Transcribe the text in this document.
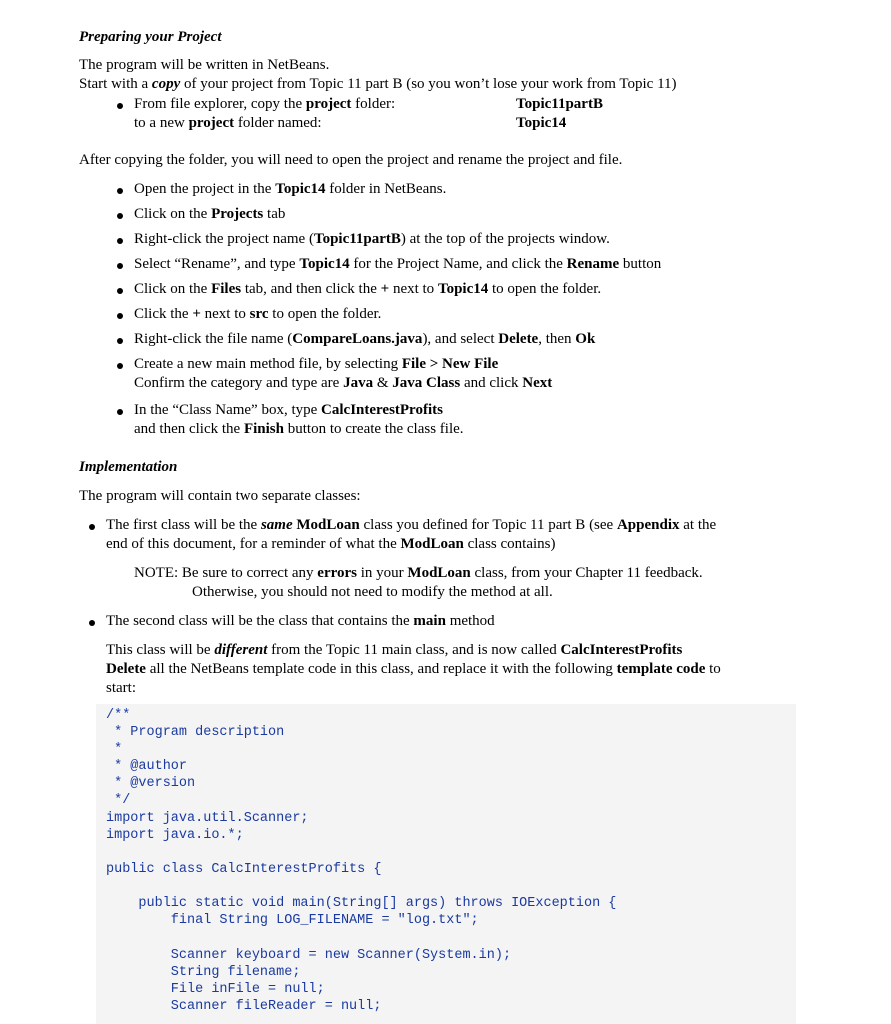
Preparing your Project
The program will be written in NetBeans.
Start with a copy of your project from Topic 11 part B (so you won’t lose your work from Topic 11)
From file explorer, copy the project folder:	Topic11partB
to a new project folder named:	Topic14
After copying the folder, you will need to open the project and rename the project and file.
Open the project in the Topic14 folder in NetBeans.
Click on the Projects tab
Right-click the project name (Topic11partB) at the top of the projects window.
Select “Rename”, and type Topic14 for the Project Name, and click the Rename button
Click on the Files tab, and then click the + next to Topic14 to open the folder.
Click the + next to src to open the folder.
Right-click the file name (CompareLoans.java), and select Delete, then Ok
Create a new main method file, by selecting File > New File
Confirm the category and type are Java & Java Class and click Next
In the “Class Name” box, type CalcInterestProfits
and then click the Finish button to create the class file.
Implementation
The program will contain two separate classes:
The first class will be the same ModLoan class you defined for Topic 11 part B (see Appendix at the
end of this document, for a reminder of what the ModLoan class contains)
NOTE: Be sure to correct any errors in your ModLoan class, from your Chapter 11 feedback.
Otherwise, you should not need to modify the method at all.
The second class will be the class that contains the main method
This class will be different from the Topic 11 main class, and is now called CalcInterestProfits
Delete all the NetBeans template code in this class, and replace it with the following template code to
start:
/**
* Program description
*
* @author
* @version
*/
import java.util.Scanner;
import java.io.*;
public class CalcInterestProfits {
public static void main(String[] args) throws IOException {
final String LOG_FILENAME = "log.txt";
Scanner keyboard = new Scanner(System.in);
String filename;
File inFile = null;
Scanner fileReader = null;
